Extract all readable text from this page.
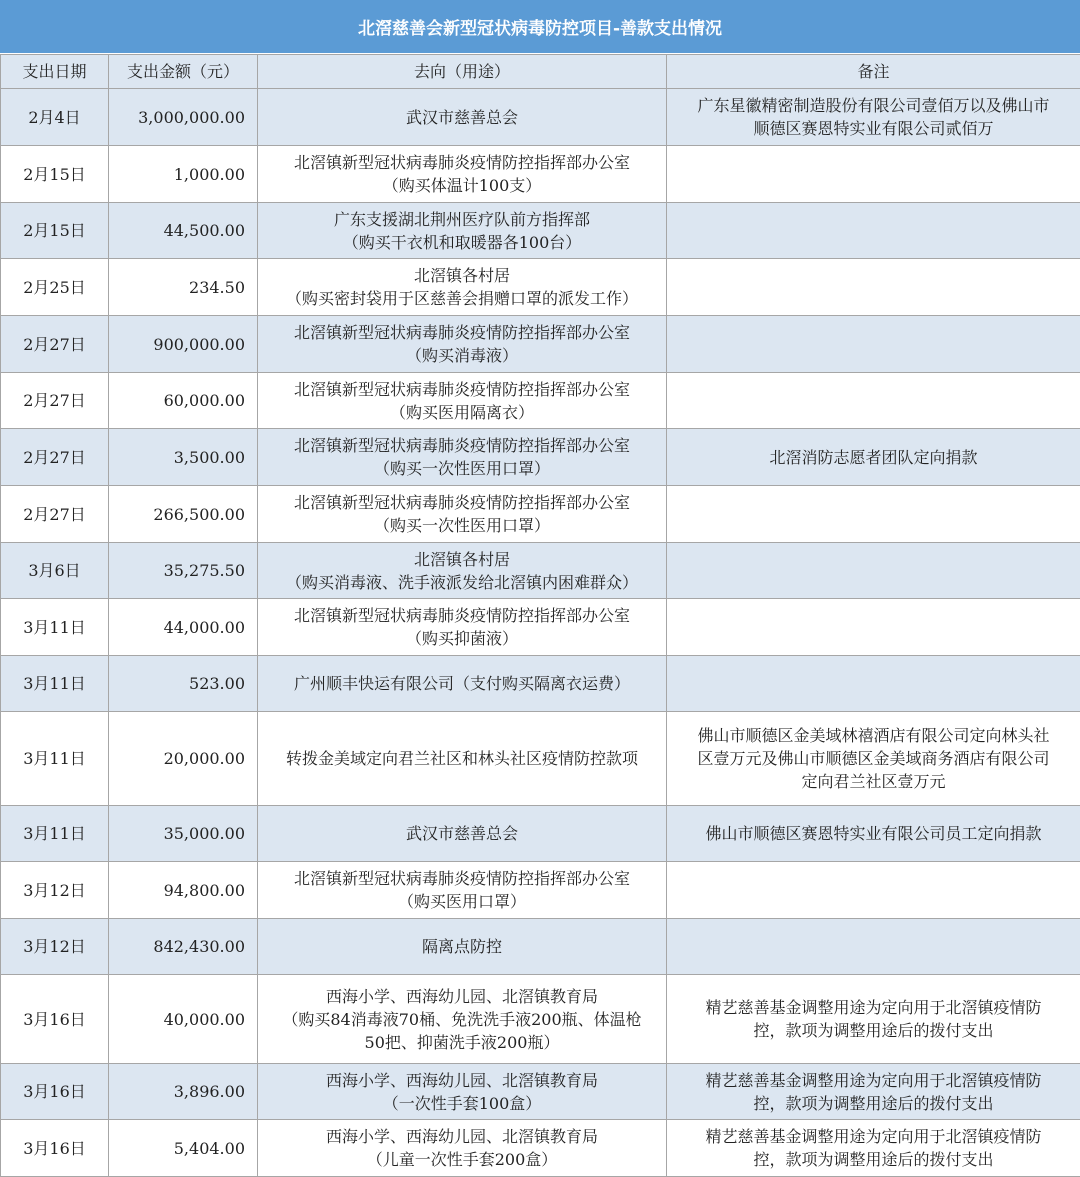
北滘慈善会新型冠状病毒防控项目-善款支出情况
支出日期	支出金额（元）	去向（用途）	备注
2月4日	3,000,000.00	武汉市慈善总会	广东星徽精密制造股份有限公司壹佰万以及佛山市
顺德区赛恩特实业有限公司贰佰万

2月15日	1,000.00	北滘镇新型冠状病毒肺炎疫情防控指挥部办公室
（购买体温计100支）	

2月15日	44,500.00	广东支援湖北荆州医疗队前方指挥部
（购买干衣机和取暖器各100台）	

2月25日	234.50	北滘镇各村居
（购买密封袋用于区慈善会捐赠口罩的派发工作）	

2月27日	900,000.00	北滘镇新型冠状病毒肺炎疫情防控指挥部办公室
（购买消毒液）	

2月27日	60,000.00	北滘镇新型冠状病毒肺炎疫情防控指挥部办公室
（购买医用隔离衣）	

2月27日	3,500.00	北滘镇新型冠状病毒肺炎疫情防控指挥部办公室
（购买一次性医用口罩）	北滘消防志愿者团队定向捐款

2月27日	266,500.00	北滘镇新型冠状病毒肺炎疫情防控指挥部办公室
（购买一次性医用口罩）	

3月6日	35,275.50	北滘镇各村居
（购买消毒液、洗手液派发给北滘镇内困难群众）	

3月11日	44,000.00	北滘镇新型冠状病毒肺炎疫情防控指挥部办公室
（购买抑菌液）	

3月11日	523.00	广州顺丰快运有限公司（支付购买隔离衣运费）	

3月11日	20,000.00	转拨金美域定向君兰社区和林头社区疫情防控款项	佛山市顺德区金美域林禧酒店有限公司定向林头社
区壹万元及佛山市顺德区金美域商务酒店有限公司
定向君兰社区壹万元

3月11日	35,000.00	武汉市慈善总会	佛山市顺德区赛恩特实业有限公司员工定向捐款

3月12日	94,800.00	北滘镇新型冠状病毒肺炎疫情防控指挥部办公室
（购买医用口罩）	

3月12日	842,430.00	隔离点防控	

3月16日	40,000.00	西海小学、西海幼儿园、北滘镇教育局
（购买84消毒液70桶、免洗洗手液200瓶、体温枪
50把、抑菌洗手液200瓶）	精艺慈善基金调整用途为定向用于北滘镇疫情防
控，款项为调整用途后的拨付支出

3月16日	3,896.00	西海小学、西海幼儿园、北滘镇教育局
（一次性手套100盒）	精艺慈善基金调整用途为定向用于北滘镇疫情防
控，款项为调整用途后的拨付支出

3月16日	5,404.00	西海小学、西海幼儿园、北滘镇教育局
（儿童一次性手套200盒）	精艺慈善基金调整用途为定向用于北滘镇疫情防
控，款项为调整用途后的拨付支出
